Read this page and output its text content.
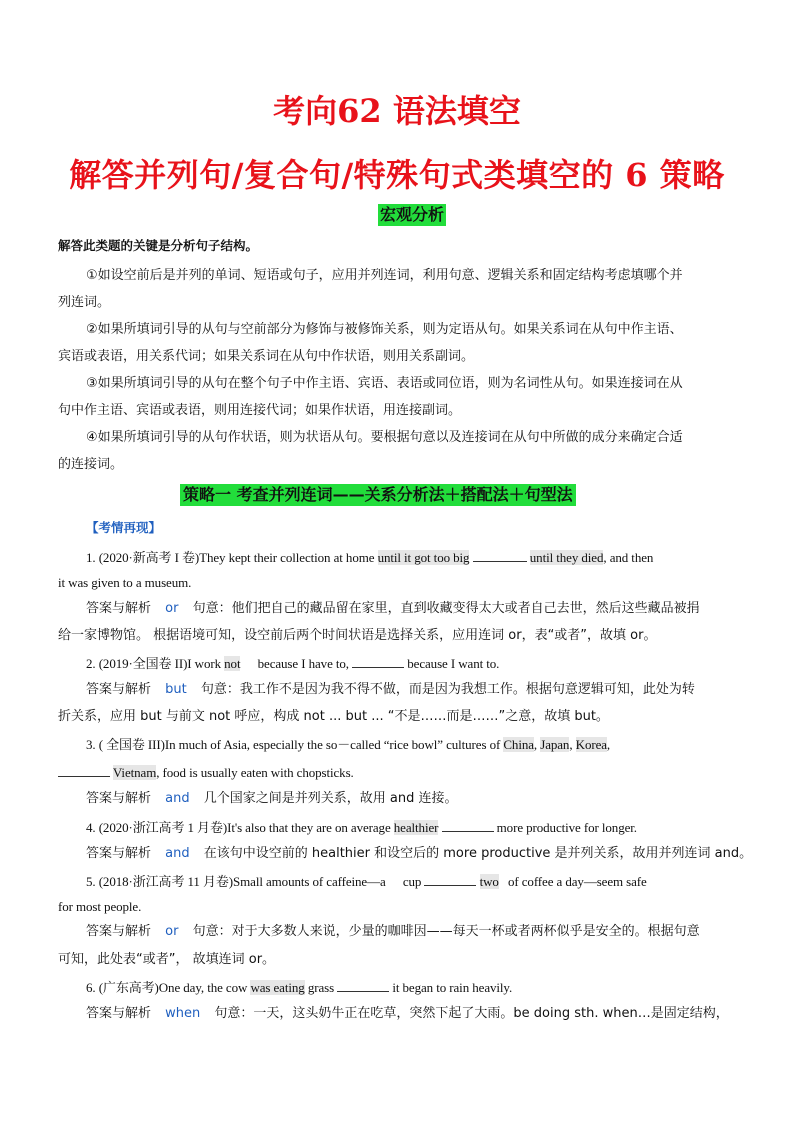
考向62 语法填空
解答并列句/复合句/特殊句式类填空的 6 策略
宏观分析
解答此类题的关键是分析句子结构。
①如设空前后是并列的单词、短语或句子，应用并列连词，利用句意、逻辑关系和固定结构考虑填哪个并
列连词。
②如果所填词引导的从句与空前部分为修饰与被修饰关系，则为定语从句。如果关系词在从句中作主语、
宾语或表语，用关系代词；如果关系词在从句中作状语，则用关系副词。
③如果所填词引导的从句在整个句子中作主语、宾语、表语或同位语，则为名词性从句。如果连接词在从
句中作主语、宾语或表语，则用连接代词；如果作状语，用连接副词。
④如果所填词引导的从句作状语，则为状语从句。要根据句意以及连接词在从句中所做的成分来确定合适
的连接词。
策略一 考查并列连词——关系分析法＋搭配法＋句型法
【考情再现】
1. (2020·新高考 I 卷)They kept their collection at home until it got too big	until they died, and then
it was given to a museum.
答案与解析 or 句意：他们把自己的藏品留在家里，直到收藏变得太大或者自己去世，然后这些藏品被捐
给一家博物馆。 根据语境可知，设空前后两个时间状语是选择关系，应用连词 or，表“或者”，故填 or。
2. (2019·全国卷 II)I work not because I have to,	because I want to.
答案与解析 but 句意：我工作不是因为我不得不做，而是因为我想工作。根据句意逻辑可知，此处为转
折关系，应用 but 与前文 not 呼应，构成 not ... but ... “不是……而是……”之意，故填 but。
3. ( 全国卷 III)In much of Asia, especially the so－called “rice bowl” cultures of China, Japan, Korea,
Vietnam, food is usually eaten with chopsticks.
答案与解析 and 几个国家之间是并列关系，故用 and 连接。
4. (2020·浙江高考 1 月卷)It's also that they are on average healthier	more productive for longer.
答案与解析 and 在该句中设空前的 healthier 和设空后的 more productive 是并列关系，故用并列连词 and。
5. (2018·浙江高考 11 月卷)Small amounts of caffeine—a cup	two of coffee a day—seem safe
for most people.
答案与解析 or 句意：对于大多数人来说，少量的咖啡因——每天一杯或者两杯似乎是安全的。根据句意
可知，此处表“或者”， 故填连词 or。
6. (广东高考)One day, the cow was eating grass	it began to rain heavily.
答案与解析 when 句意：一天，这头奶牛正在吃草，突然下起了大雨。be doing sth. when…是固定结构，
